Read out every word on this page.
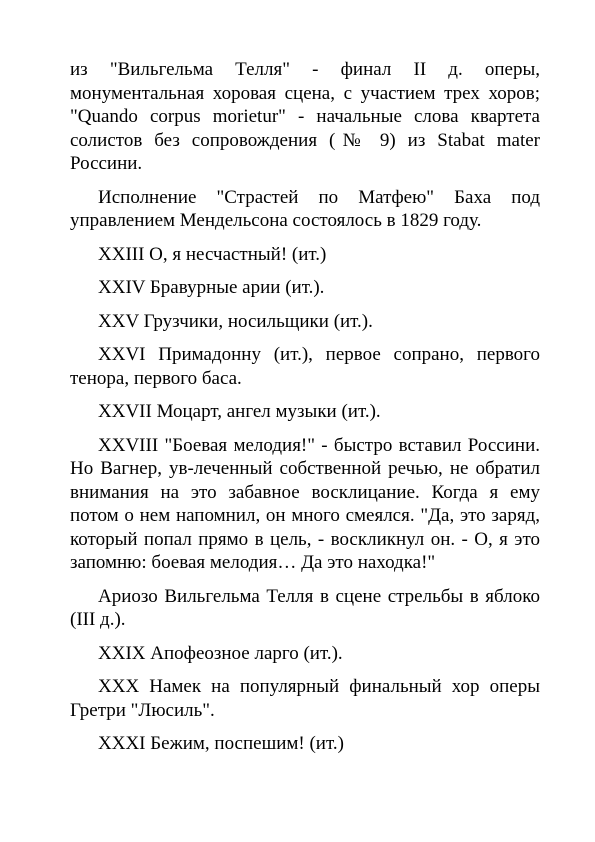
из "Вильгельма Телля" - финал II д. оперы, монументальная хоровая сцена, с участием трех хоров; "Quando corpus morietur" - начальные слова квартета солистов без сопровождения (№ 9) из Stabat mater Россини.

Исполнение "Страстей по Матфею" Баха под управлением Мендельсона состоялось в 1829 году.

XXIII О, я несчастный! (ит.)

XXIV Бравурные арии (ит.).

XXV Грузчики, носильщики (ит.).

XXVI Примадонну (ит.), первое сопрано, первого тенора, первого баса.

XXVII Моцарт, ангел музыки (ит.).

XXVIII "Боевая мелодия!" - быстро вставил Россини. Но Вагнер, ув-леченный собственной речью, не обратил внимания на это забавное восклицание. Когда я ему потом о нем напомнил, он много смеялся. "Да, это заряд, который попал прямо в цель, - воскликнул он. - О, я это запомню: боевая мелодия… Да это находка!"

Ариозо Вильгельма Телля в сцене стрельбы в яблоко (III д.).

XXIX Апофеозное ларго (ит.).

XXX Намек на популярный финальный хор оперы Гретри "Люсиль".

XXXI Бежим, поспешим! (ит.)
